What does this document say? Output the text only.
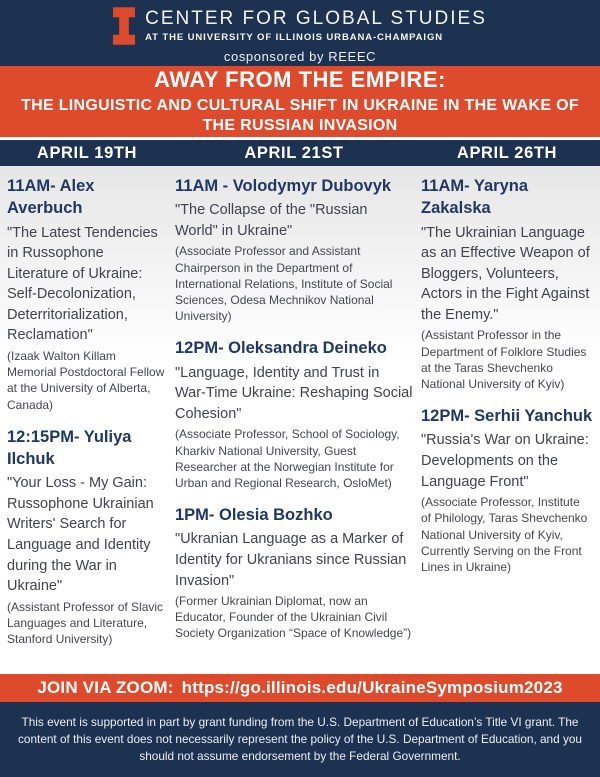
CENTER FOR GLOBAL STUDIES
AT THE UNIVERSITY OF ILLINOIS URBANA-CHAMPAIGN
cosponsored by REEEC
AWAY FROM THE EMPIRE:
THE LINGUISTIC AND CULTURAL SHIFT IN UKRAINE IN THE WAKE OF THE RUSSIAN INVASION
APRIL 19TH	APRIL 21ST	APRIL 26TH
11AM- Alex Averbuch

"The Latest Tendencies in Russophone Literature of Ukraine: Self-Decolonization, Deterritorialization, Reclamation"

(Izaak Walton Killam Memorial Postdoctoral Fellow at the University of Alberta, Canada)

12:15PM- Yuliya Ilchuk

"Your Loss - My Gain: Russophone Ukrainian Writers' Search for Language and Identity during the War in Ukraine"

(Assistant Professor of Slavic Languages and Literature, Stanford University)

11AM - Volodymyr Dubovyk

"The Collapse of the "Russian World" in Ukraine"

(Associate Professor and Assistant Chairperson in the Department of International Relations, Institute of Social Sciences, Odesa Mechnikov National University)

12PM- Oleksandra Deineko

"Language, Identity and Trust in War-Time Ukraine: Reshaping Social Cohesion"

(Associate Professor, School of Sociology, Kharkiv National University, Guest Researcher at the Norwegian Institute for Urban and Regional Research, OsloMet)

1PM- Olesia Bozhko

"Ukranian Language as a Marker of Identity for Ukranians since Russian Invasion"

(Former Ukrainian Diplomat, now an Educator, Founder of the Ukrainian Civil Society Organization “Space of Knowledge”)

11AM- Yaryna Zakalska

"The Ukrainian Language as an Effective Weapon of Bloggers, Volunteers, Actors in the Fight Against the Enemy."

(Assistant Professor in the Department of Folklore Studies at the Taras Shevchenko National University of Kyiv)

12PM- Serhii Yanchuk

"Russia's War on Ukraine: Developments on the Language Front"

(Associate Professor, Institute of Philology, Taras Shevchenko National University of Kyiv, Currently Serving on the Front Lines in Ukraine)

JOIN VIA ZOOM: https://go.illinois.edu/UkraineSymposium2023
This event is supported in part by grant funding from the U.S. Department of Education’s Title VI grant. The content of this event does not necessarily represent the policy of the U.S. Department of Education, and you should not assume endorsement by the Federal Government.
